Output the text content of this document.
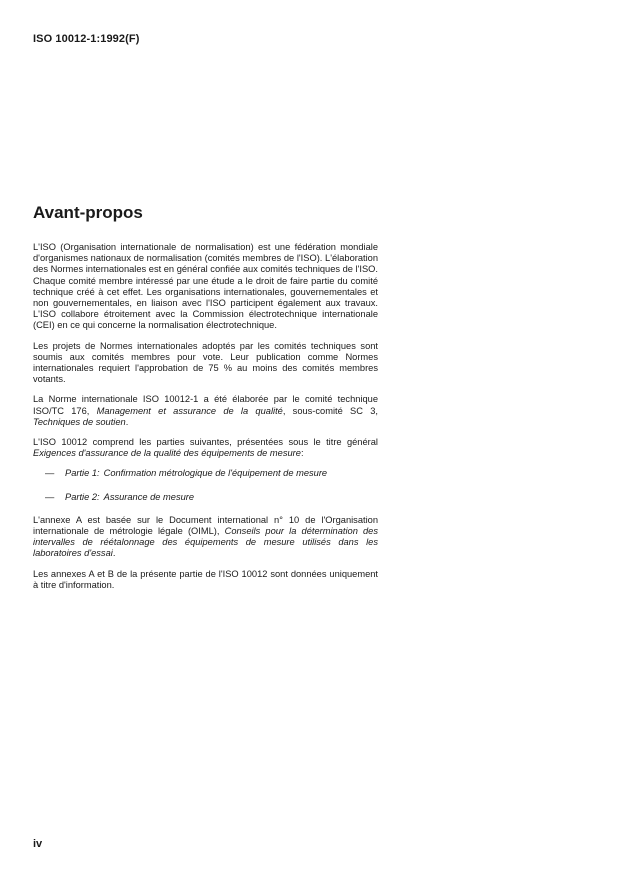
ISO 10012-1:1992(F)
Avant-propos

L'ISO (Organisation internationale de normalisation) est une fédération mondiale d'organismes nationaux de normalisation (comités membres de l'ISO). L'élaboration des Normes internationales est en général confiée aux comités techniques de l'ISO. Chaque comité membre intéressé par une étude a le droit de faire partie du comité technique créé à cet effet. Les organisations internationales, gouvernementales et non gouvernementales, en liaison avec l'ISO participent également aux travaux. L'ISO collabore étroitement avec la Commission électrotechnique internationale (CEI) en ce qui concerne la normalisation électrotechnique.

Les projets de Normes internationales adoptés par les comités techniques sont soumis aux comités membres pour vote. Leur publication comme Normes internationales requiert l'approbation de 75 % au moins des comités membres votants.

La Norme internationale ISO 10012-1 a été élaborée par le comité technique ISO/TC 176, Management et assurance de la qualité, sous-comité SC 3, Techniques de soutien.

L'ISO 10012 comprend les parties suivantes, présentées sous le titre général Exigences d'assurance de la qualité des équipements de mesure:

—	Partie 1: Confirmation métrologique de l'équipement de mesure
—	Partie 2: Assurance de mesure

L'annexe A est basée sur le Document international n° 10 de l'Organisation internationale de métrologie légale (OIML), Conseils pour la détermination des intervalles de réétalonnage des équipements de mesure utilisés dans les laboratoires d'essai.

Les annexes A et B de la présente partie de l'ISO 10012 sont données uniquement à titre d'information.

iv
